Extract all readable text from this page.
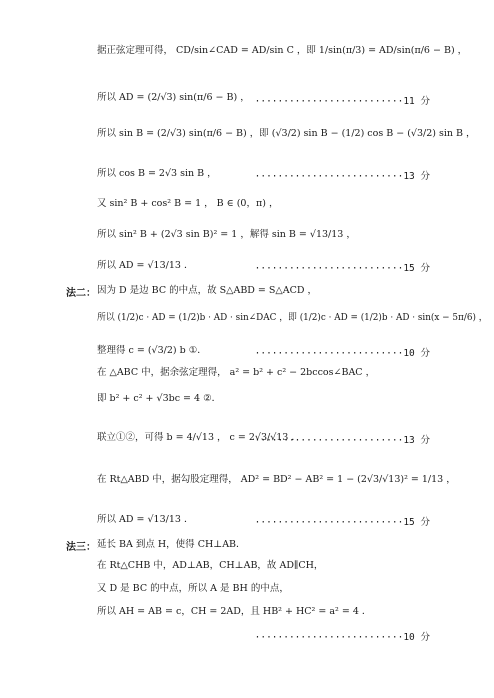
据正弦定理可得， CD/sin∠CAD = AD/sin C ，即 1/sin(π/3) = AD/sin(π/6 − B) ，
所以 AD = (2/√3) sin(π/6 − B) ， ··························11 分
所以 sin B = (2/√3) sin(π/6 − B) ，即 (√3/2) sin B − (1/2) cos B − (√3/2) sin B ，
所以 cos B = 2√3 sin B ，	··························13 分
又 sin² B + cos² B = 1 ， B ∈ (0，π) ，
所以 sin² B + (2√3 sin B)² = 1 ，解得 sin B = √13/13 ，
所以 AD = √13/13 ．	··························15 分
法二： 因为 D 是边 BC 的中点，故 S△ABD = S△ACD ，
所以 (1/2)c · AD = (1/2)b · AD · sin∠DAC ，即 (1/2)c · AD = (1/2)b · AD · sin(x − 5π/6) ，
整理得 c = (√3/2) b ①．	··························10 分
在 △ABC 中，据余弦定理得， a² = b² + c² − 2bccos∠BAC ，
即 b² + c² + √3bc = 4 ②．
联立①②，可得 b = 4/√13 ， c = 2√3/√13 ．
··························13 分
在 Rt△ABD 中，据勾股定理得， AD² = BD² − AB² = 1 − (2√3/√13)² = 1/13 ，
所以 AD = √13/13 ．	··························15 分
法三： 延长 BA 到点 H，使得 CH⊥AB．
在 Rt△CHB 中，AD⊥AB，CH⊥AB，故 AD∥CH，
又 D 是 BC 的中点，所以 A 是 BH 的中点，
所以 AH = AB = c，CH = 2AD，且 HB² + HC² = a² = 4 ．
··························10 分
